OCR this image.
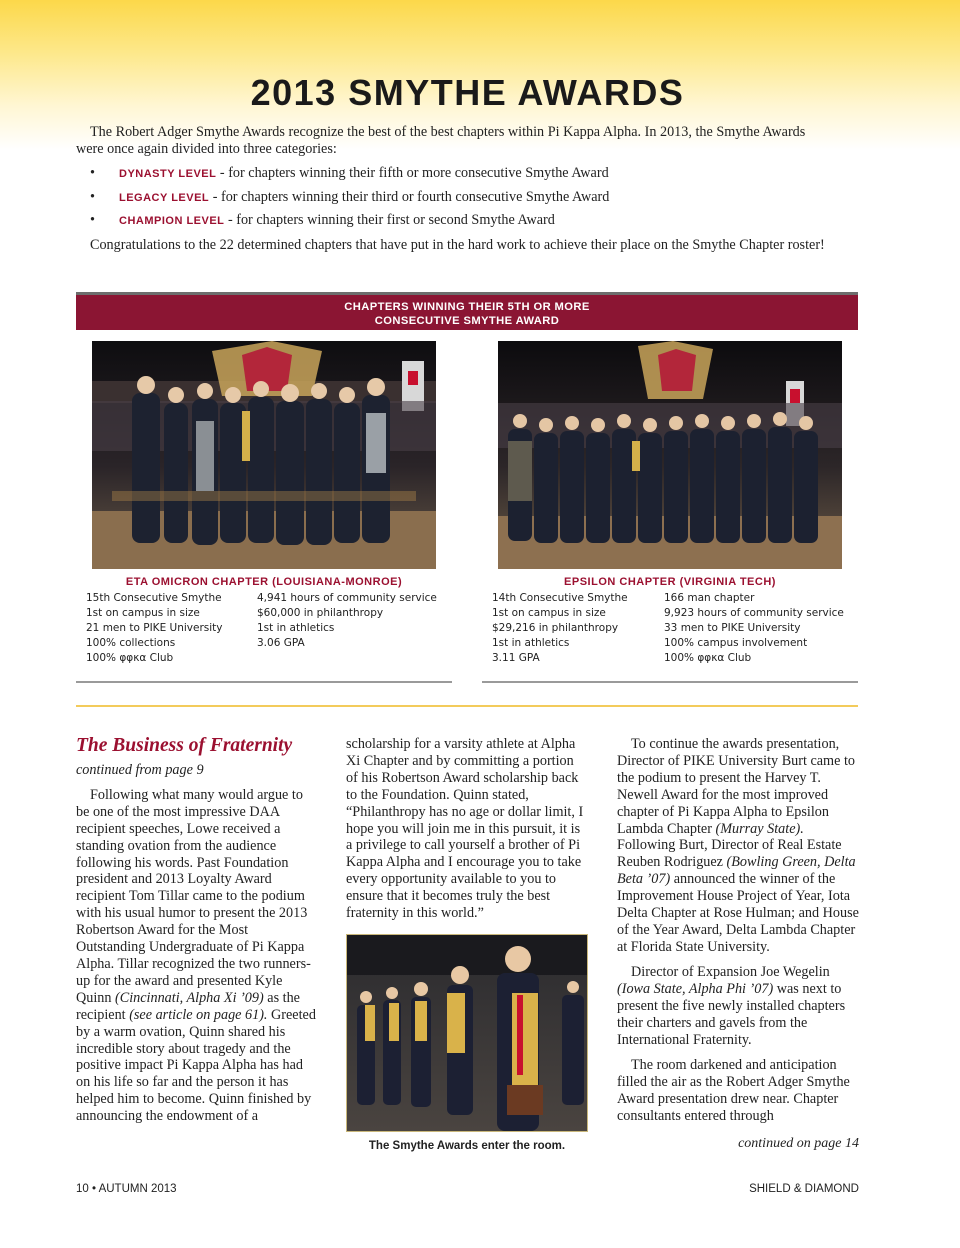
2013 SMYTHE AWARDS

The Robert Adger Smythe Awards recognize the best of the best chapters within Pi Kappa Alpha. In 2013, the Smythe Awards were once again divided into three categories:

• DYNASTY LEVEL - for chapters winning their fifth or more consecutive Smythe Award
• LEGACY LEVEL - for chapters winning their third or fourth consecutive Smythe Award
• CHAMPION LEVEL - for chapters winning their first or second Smythe Award

Congratulations to the 22 determined chapters that have put in the hard work to achieve their place on the Smythe Chapter roster!

CHAPTERS WINNING THEIR 5TH OR MORE
CONSECUTIVE SMYTHE AWARD
ETA OMICRON CHAPTER (LOUISIANA-MONROE)
15th Consecutive Smythe
1st on campus in size
21 men to PIKE University
100% collections
100% φφκα Club
4,941 hours of community service
$60,000 in philanthropy
1st in athletics
3.06 GPA
EPSILON CHAPTER (VIRGINIA TECH)
14th Consecutive Smythe
1st on campus in size
$29,216 in philanthropy
1st in athletics
3.11 GPA
166 man chapter
9,923 hours of community service
33 men to PIKE University
100% campus involvement
100% φφκα Club
The Business of Fraternity
continued from page 9

Following what many would argue to be one of the most impressive DAA recipient speeches, Lowe received a standing ovation from the audience following his words. Past Foundation president and 2013 Loyalty Award recipient Tom Tillar came to the podium with his usual humor to present the 2013 Robertson Award for the Most Outstanding Undergraduate of Pi Kappa Alpha. Tillar recognized the two runners-up for the award and presented Kyle Quinn (Cincinnati, Alpha Xi ’09) as the recipient (see article on page 61). Greeted by a warm ovation, Quinn shared his incredible story about tragedy and the positive impact Pi Kappa Alpha has had on his life so far and the person it has helped him to become. Quinn finished by announcing the endowment of a

scholarship for a varsity athlete at Alpha Xi Chapter and by committing a portion of his Robertson Award scholarship back to the Foundation. Quinn stated, “Philanthropy has no age or dollar limit, I hope you will join me in this pursuit, it is a privilege to call yourself a brother of Pi Kappa Alpha and I encourage you to take every opportunity available to you to ensure that it becomes truly the best fraternity in this world.”

The Smythe Awards enter the room.

To continue the awards presentation, Director of PIKE University Burt came to the podium to present the Harvey T. Newell Award for the most improved chapter of Pi Kappa Alpha to Epsilon Lambda Chapter (Murray State). Following Burt, Director of Real Estate Reuben Rodriguez (Bowling Green, Delta Beta ’07) announced the winner of the Improvement House Project of Year, Iota Delta Chapter at Rose Hulman; and House of the Year Award, Delta Lambda Chapter at Florida State University.

Director of Expansion Joe Wegelin (Iowa State, Alpha Phi ’07) was next to present the five newly installed chapters their charters and gavels from the International Fraternity.

The room darkened and anticipation filled the air as the Robert Adger Smythe Award presentation drew near. Chapter consultants entered through

continued on page 14
10 • AUTUMN 2013	SHIELD & DIAMOND
